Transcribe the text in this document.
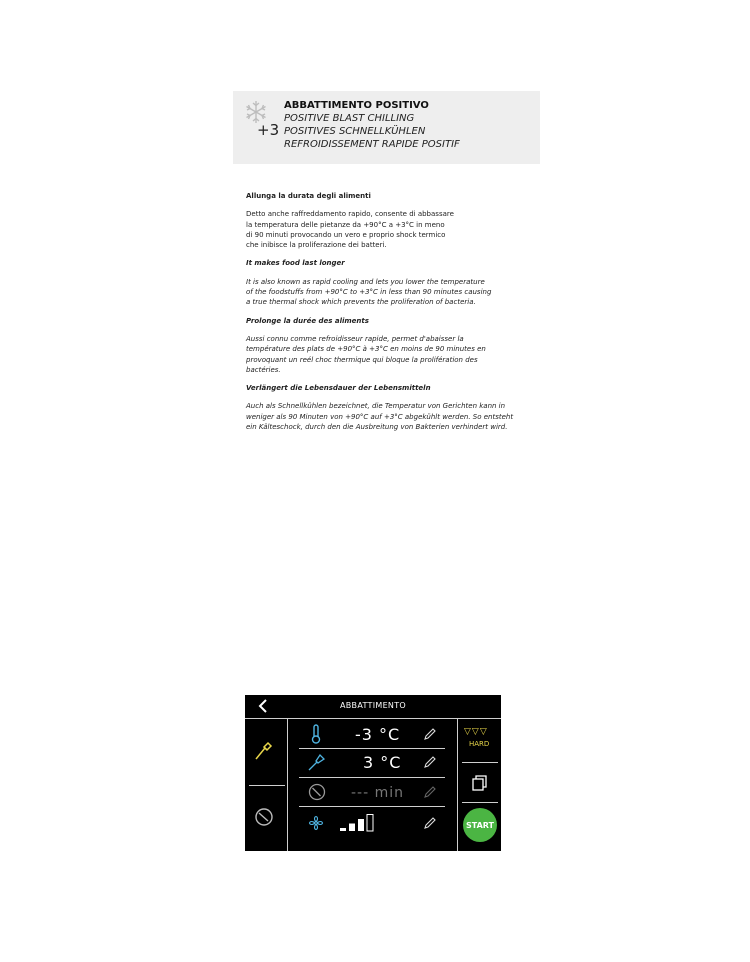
+3
ABBATTIMENTO POSITIVO
POSITIVE BLAST CHILLING
POSITIVES SCHNELLKÜHLEN
REFROIDISSEMENT RAPIDE POSITIF
Allunga la durata degli alimenti

Detto anche raffreddamento rapido, consente di abbassare
la temperatura delle pietanze da +90°C a +3°C in meno
di 90 minuti provocando un vero e proprio shock termico
che inibisce la proliferazione dei batteri.

It makes food last longer

It is also known as rapid cooling and lets you lower the temperature
of the foodstuffs from +90°C to +3°C in less than 90 minutes causing
a true thermal shock which prevents the proliferation of bacteria.

Prolonge la durée des aliments

Aussi connu comme refroidisseur rapide, permet d'abaisser la
température des plats de +90°C à +3°C en moins de 90 minutes en
provoquant un reél choc thermique qui bloque la prolifération des
bactéries.

Verlängert die Lebensdauer der Lebensmitteln

Auch als Schnellkühlen bezeichnet, die Temperatur von Gerichten kann in
weniger als 90 Minuten von +90°C auf +3°C abgekühlt werden. So entsteht
ein Kälteschock, durch den die Ausbreitung von Bakterien verhindert wird.

ABBATTIMENTO
-3 °C
3 °C
--- min
▽▽▽
HARD
START
